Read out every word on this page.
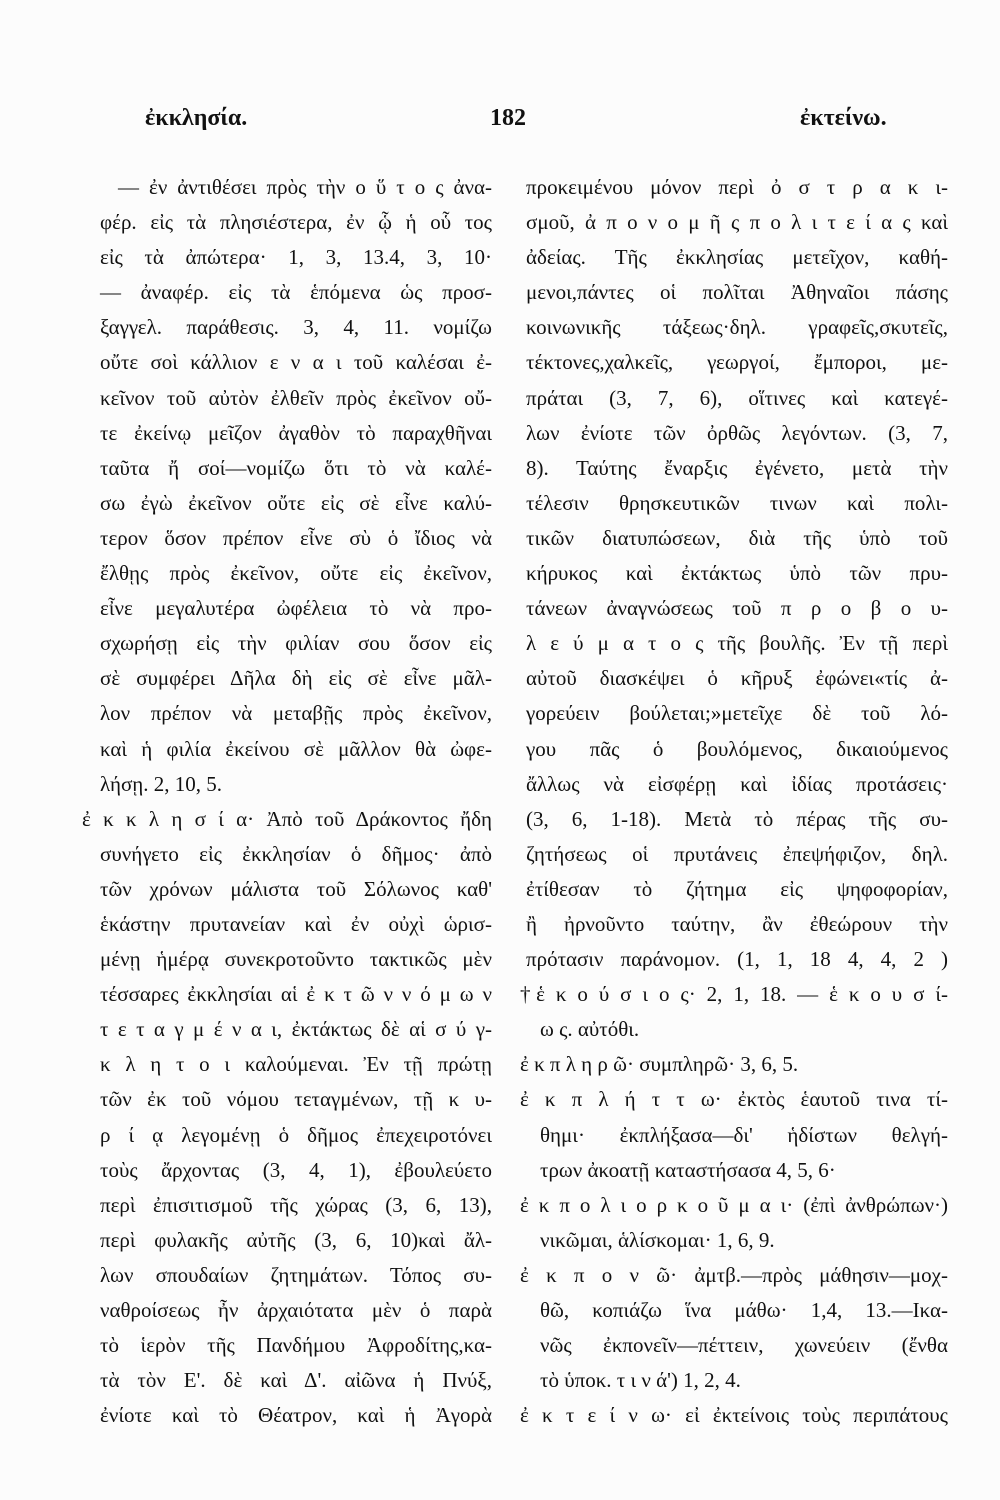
ἐκκλησία.	182	ἐκτείνω.
— ἐν ἀντιθέσει πρὸς τὴν ο ὕ τ ο ς ἀνα-
φέρ. εἰς τὰ πλησιέστερα, ἐν ᾧ ἡ οὗ τος
εἰς τὰ ἀπώτερα· 1, 3, 13.4, 3, 10·
— ἀναφέρ. εἰς τὰ ἑπόμενα ὡς προσ-
ξαγγελ. παράθεσις. 3, 4, 11. νομίζω
οὔτε σοὶ κάλλιον ε ν α ι τοῦ καλέσαι ἐ-
κεῖνον τοῦ αὐτὸν ἐλθεῖν πρὸς ἐκεῖνον οὔ-
τε ἐκείνῳ μεῖζον ἀγαθὸν τὸ παραχθῆναι
ταῦτα ἤ σοί—νομίζω ὅτι τὸ νὰ καλέ-
σω ἐγὼ ἐκεῖνον οὔτε εἰς σὲ εἶνε καλύ-
τερον ὅσον πρέπον εἶνε σὺ ὁ ἴδιος νὰ
ἔλθῃς πρὸς ἐκεῖνον, οὔτε εἰς ἐκεῖνον,
εἶνε μεγαλυτέρα ὠφέλεια τὸ νὰ προ-
σχωρήσῃ εἰς τὴν φιλίαν σου ὅσον εἰς
σὲ συμφέρει Δῆλα δὴ εἰς σὲ εἶνε μᾶλ-
λον πρέπον νὰ μεταβῇς πρὸς ἐκεῖνον,
καὶ ἡ φιλία ἐκείνου σὲ μᾶλλον θὰ ὠφε-
λήσῃ. 2, 10, 5.
ἐ κ κ λ η σ ί α· Ἀπὸ τοῦ Δράκοντος ἤδη
συνήγετο εἰς ἐκκλησίαν ὁ δῆμος· ἀπὸ
τῶν χρόνων μάλιστα τοῦ Σόλωνος καθ'
ἑκάστην πρυτανείαν καὶ ἐν οὐχὶ ὡρισ-
μένῃ ἡμέρᾳ συνεκροτοῦντο τακτικῶς μὲν
τέσσαρες ἐκκλησίαι αἱ ἐ κ τ ῶ ν ν ό μ ω ν
τ ε τ α γ μ έ ν α ι, ἐκτάκτως δὲ αἱ σ ύ γ-
κ λ η τ ο ι καλούμεναι. Ἐν τῇ πρώτῃ
τῶν ἐκ τοῦ νόμου τεταγμένων, τῇ κ υ-
ρ ί ᾳ λεγομένῃ ὁ δῆμος ἐπεχειροτόνει
τοὺς ἄρχοντας (3, 4, 1), ἐβουλεύετο
περὶ ἐπισιτισμοῦ τῆς χώρας (3, 6, 13),
περὶ φυλακῆς αὐτῆς (3, 6, 10)καὶ ἄλ-
λων σπουδαίων ζητημάτων. Τόπος συ-
ναθροίσεως ἦν ἀρχαιότατα μὲν ὁ παρὰ
τὸ ἱερὸν τῆς Πανδήμου Ἀφροδίτης,κα-
τὰ τὸν Ε'. δὲ καὶ Δ'. αἰῶνα ἡ Πνύξ,
ἐνίοτε καὶ τὸ Θέατρον, καὶ ἡ Ἀγορὰ
προκειμένου μόνον περὶ ὀ σ τ ρ α κ ι-
σμοῦ, ἀ π ο ν ο μ ῆ ς π ο λ ι τ ε ί α ς καὶ
ἀδείας. Τῆς ἐκκλησίας μετεῖχον, καθή-
μενοι,πάντες οἱ πολῖται Ἀθηναῖοι πάσης
κοινωνικῆς τάξεως·δηλ. γραφεῖς,σκυτεῖς,
τέκτονες,χαλκεῖς, γεωργοί, ἔμποροι, με-
πράται (3, 7, 6), οἵτινες καὶ κατεγέ-
λων ἐνίοτε τῶν ὀρθῶς λεγόντων. (3, 7,
8). Ταύτης ἔναρξις ἐγένετο, μετὰ τὴν
τέλεσιν θρησκευτικῶν τινων καὶ πολι-
τικῶν διατυπώσεων, διὰ τῆς ὑπὸ τοῦ
κήρυκος καὶ ἐκτάκτως ὑπὸ τῶν πρυ-
τάνεων ἀναγνώσεως τοῦ π ρ ο β ο υ-
λ ε ύ μ α τ ο ς τῆς βουλῆς. Ἐν τῇ περὶ
αὐτοῦ διασκέψει ὁ κῆρυξ ἐφώνει«τίς ἀ-
γορεύειν βούλεται;»μετεῖχε δὲ τοῦ λό-
γου πᾶς ὁ βουλόμενος, δικαιούμενος
ἄλλως νὰ εἰσφέρῃ καὶ ἰδίας προτάσεις·
(3, 6, 1-18). Μετὰ τὸ πέρας τῆς συ-
ζητήσεως οἱ πρυτάνεις ἐπεψήφιζον, δηλ.
ἐτίθεσαν τὸ ζήτημα εἰς ψηφοφορίαν,
ἢ ἠρνοῦντο ταύτην, ἂν ἐθεώρουν τὴν
πρότασιν παράνομον. (1, 1, 18 4, 4, 2 )
†ἑ κ ο ύ σ ι ο ς· 2, 1, 18. — ἑ κ ο υ σ ί-
ω ς. αὐτόθι.
ἐ κ π λ η ρ ῶ· συμπληρῶ· 3, 6, 5.
ἐ κ π λ ή τ τ ω· ἐκτὸς ἑαυτοῦ τινα τί-
θημι· ἐκπλήξασα—δι' ἡδίστων θελγή-
τρων ἀκοατῇ καταστήσασα 4, 5, 6·
ἐ κ π ο λ ι ο ρ κ ο ῦ μ α ι· (ἐπὶ ἀνθρώπων·)
νικῶμαι, ἁλίσκομαι· 1, 6, 9.
ἐ κ π ο ν ῶ· ἀμτβ.—πρὸς μάθησιν—μοχ-
θῶ, κοπιάζω ἵνα μάθω· 1,4, 13.—Ικα-
νῶς ἐκπονεῖν—πέττειν, χωνεύειν (ἔνθα
τὸ ὑποκ. τ ι ν ά') 1, 2, 4.
ἐ κ τ ε ί ν ω· εἰ ἐκτείνοις τοὺς περιπάτους
